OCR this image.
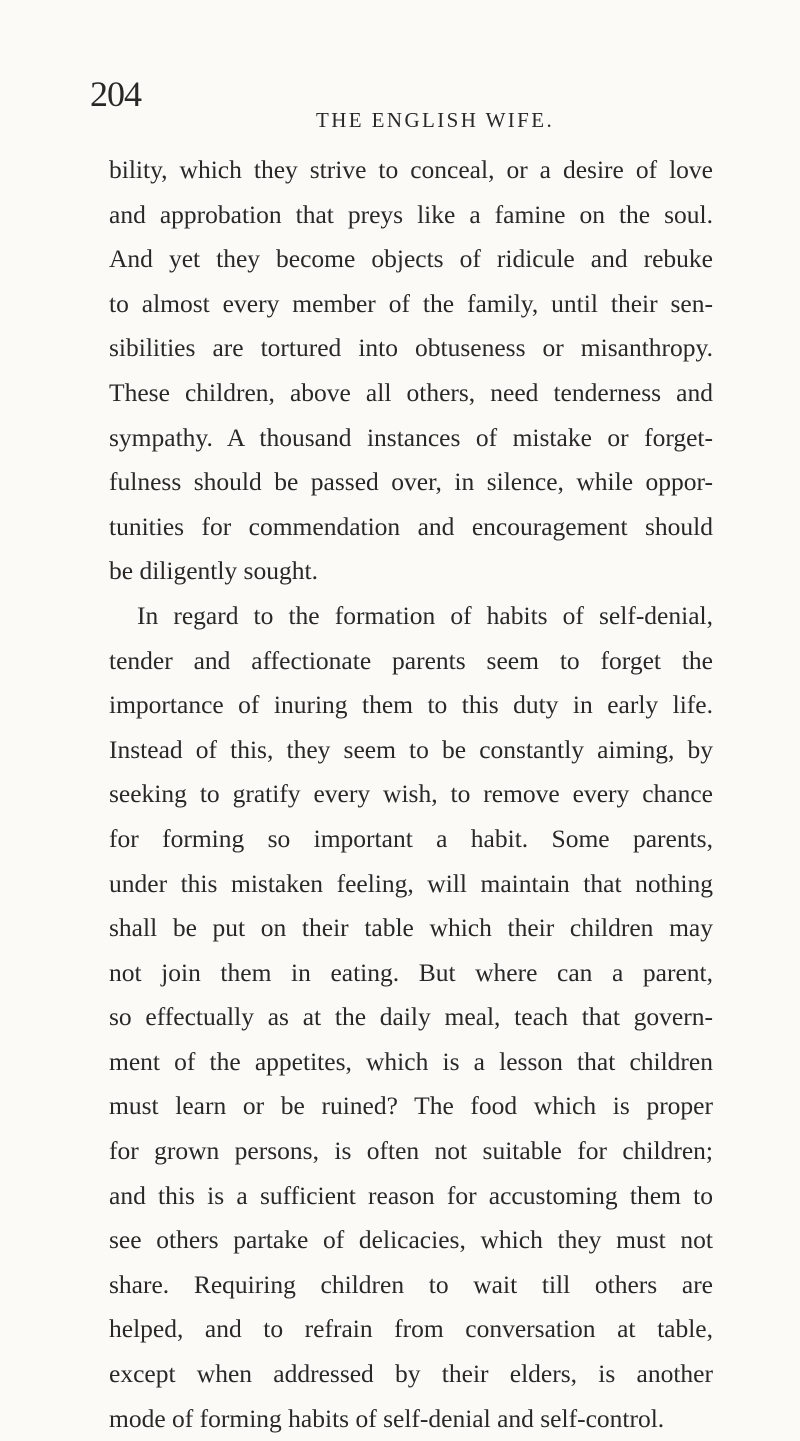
204
THE ENGLISH WIFE.
bility, which they strive to conceal, or a desire of love
and approbation that preys like a famine on the soul.
And yet they become objects of ridicule and rebuke
to almost every member of the family, until their sen-
sibilities are tortured into obtuseness or misanthropy.
These children, above all others, need tenderness and
sympathy. A thousand instances of mistake or forget-
fulness should be passed over, in silence, while oppor-
tunities for commendation and encouragement should
be diligently sought.
In regard to the formation of habits of self-denial,
tender and affectionate parents seem to forget the
importance of inuring them to this duty in early life.
Instead of this, they seem to be constantly aiming, by
seeking to gratify every wish, to remove every chance
for forming so important a habit. Some parents,
under this mistaken feeling, will maintain that nothing
shall be put on their table which their children may
not join them in eating. But where can a parent,
so effectually as at the daily meal, teach that govern-
ment of the appetites, which is a lesson that children
must learn or be ruined? The food which is proper
for grown persons, is often not suitable for children;
and this is a sufficient reason for accustoming them to
see others partake of delicacies, which they must not
share. Requiring children to wait till others are
helped, and to refrain from conversation at table,
except when addressed by their elders, is another
mode of forming habits of self-denial and self-control.
